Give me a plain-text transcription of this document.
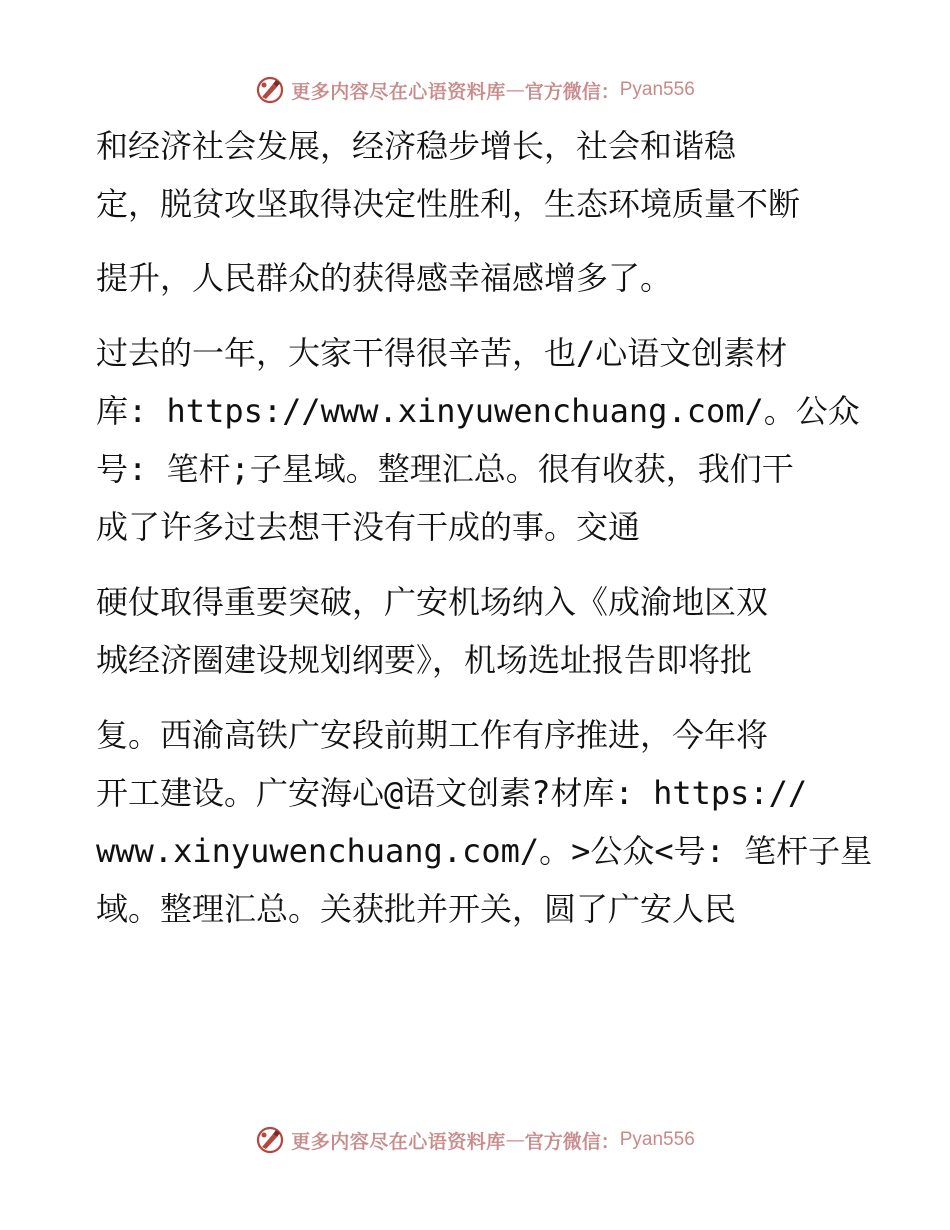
更多内容尽在心语资料库 — 官方微信： Pyan556
和经济社会发展，经济稳步增长，社会和谐稳
定，脱贫攻坚取得决定性胜利，生态环境质量不断
提升，人民群众的获得感幸福感增多了。
过去的一年，大家干得很辛苦，也/心语文创素材
库: https://www.xinyuwenchuang.com/。公众
号: 笔杆;子星域。整理汇总。很有收获，我们干
成了许多过去想干没有干成的事。交通
硬仗取得重要突破，广安机场纳入《成渝地区双
城经济圈建设规划纲要》，机场选址报告即将批
复。西渝高铁广安段前期工作有序推进，今年将
开工建设。广安海心@语文创素?材库: https://
www.xinyuwenchuang.com/。>公众<号: 笔杆子星
域。整理汇总。关获批并开关，圆了广安人民
更多内容尽在心语资料库 — 官方微信： Pyan556
